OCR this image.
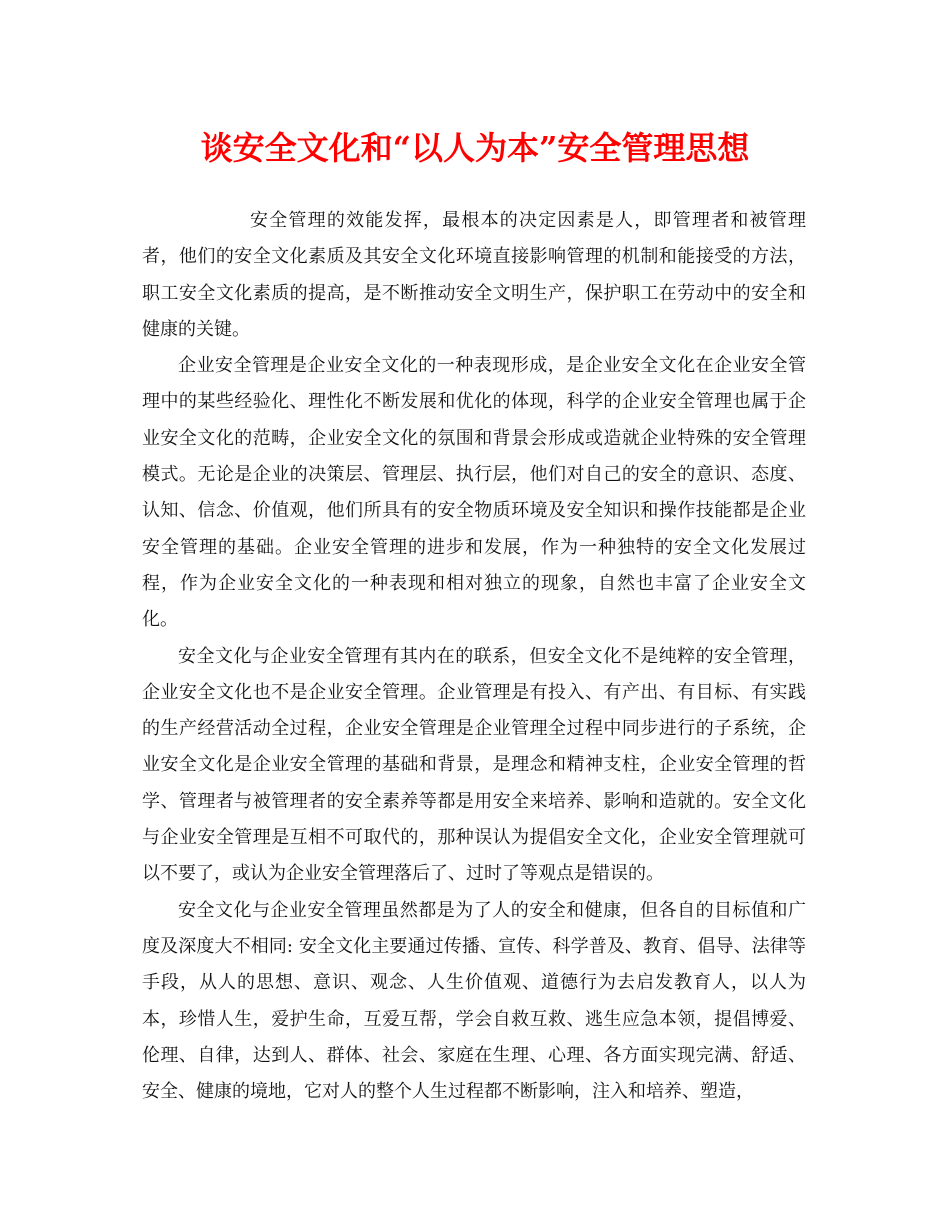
谈安全文化和“以人为本”安全管理思想

安全管理的效能发挥，最根本的决定因素是人，即管理者和被管理者，他们的安全文化素质及其安全文化环境直接影响管理的机制和能接受的方法，职工安全文化素质的提高，是不断推动安全文明生产，保护职工在劳动中的安全和健康的关键。

企业安全管理是企业安全文化的一种表现形成，是企业安全文化在企业安全管理中的某些经验化、理性化不断发展和优化的体现，科学的企业安全管理也属于企业安全文化的范畴，企业安全文化的氛围和背景会形成或造就企业特殊的安全管理模式。无论是企业的决策层、管理层、执行层，他们对自己的安全的意识、态度、认知、信念、价值观，他们所具有的安全物质环境及安全知识和操作技能都是企业安全管理的基础。企业安全管理的进步和发展，作为一种独特的安全文化发展过程，作为企业安全文化的一种表现和相对独立的现象，自然也丰富了企业安全文化。

安全文化与企业安全管理有其内在的联系，但安全文化不是纯粹的安全管理，企业安全文化也不是企业安全管理。企业管理是有投入、有产出、有目标、有实践的生产经营活动全过程，企业安全管理是企业管理全过程中同步进行的子系统，企业安全文化是企业安全管理的基础和背景，是理念和精神支柱，企业安全管理的哲学、管理者与被管理者的安全素养等都是用安全来培养、影响和造就的。安全文化与企业安全管理是互相不可取代的，那种误认为提倡安全文化，企业安全管理就可以不要了，或认为企业安全管理落后了、过时了等观点是错误的。

安全文化与企业安全管理虽然都是为了人的安全和健康，但各自的目标值和广度及深度大不相同: 安全文化主要通过传播、宣传、科学普及、教育、倡导、法律等手段，从人的思想、意识、观念、人生价值观、道德行为去启发教育人，以人为本，珍惜人生，爱护生命，互爱互帮，学会自救互救、逃生应急本领，提倡博爱、伦理、自律，达到人、群体、社会、家庭在生理、心理、各方面实现完满、舒适、安全、健康的境地，它对人的整个人生过程都不断影响，注入和培养、塑造，
